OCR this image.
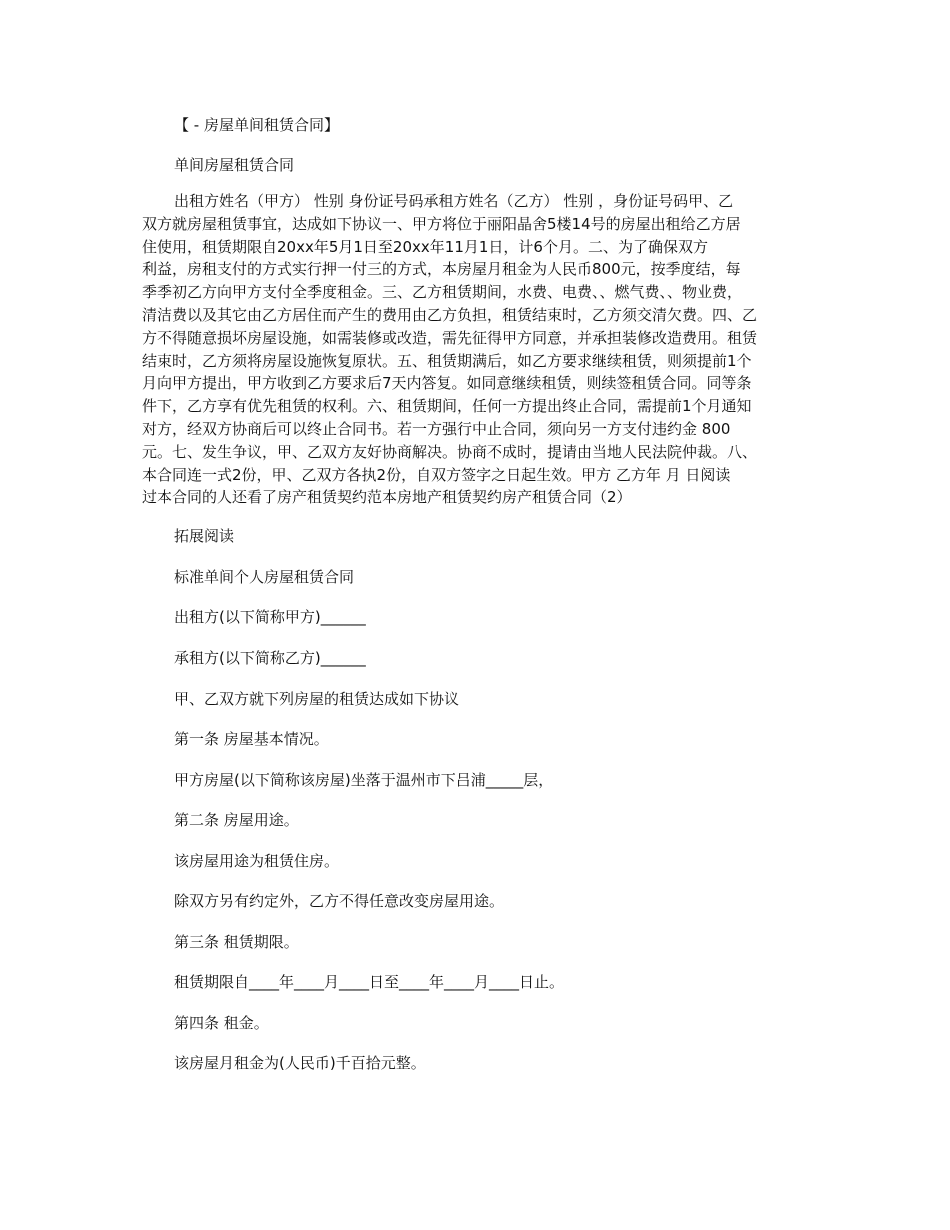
【 - 房屋单间租赁合同】
单间房屋租赁合同
出租方姓名（甲方） 性别 身份证号码承租方姓名（乙方） 性别 ，身份证号码甲、乙
双方就房屋租赁事宜，达成如下协议一、甲方将位于丽阳晶舍5楼14号的房屋出租给乙方居
住使用，租赁期限自20xx年5月1日至20xx年11月1日，计6个月。二、为了确保双方
利益，房租支付的方式实行押一付三的方式，本房屋月租金为人民币800元，按季度结，每
季季初乙方向甲方支付全季度租金。三、乙方租赁期间，水费、电费、、燃气费、、物业费，
清洁费以及其它由乙方居住而产生的费用由乙方负担，租赁结束时，乙方须交清欠费。四、乙
方不得随意损坏房屋设施，如需装修或改造，需先征得甲方同意，并承担装修改造费用。租赁
结束时，乙方须将房屋设施恢复原状。五、租赁期满后，如乙方要求继续租赁，则须提前1个
月向甲方提出，甲方收到乙方要求后7天内答复。如同意继续租赁，则续签租赁合同。同等条
件下，乙方享有优先租赁的权利。六、租赁期间，任何一方提出终止合同，需提前1个月通知
对方，经双方协商后可以终止合同书。若一方强行中止合同，须向另一方支付违约金 800
元。七、发生争议，甲、乙双方友好协商解决。协商不成时，提请由当地人民法院仲裁。八、
本合同连一式2份，甲、乙双方各执2份，自双方签字之日起生效。甲方 乙方年 月 日阅读
过本合同的人还看了房产租赁契约范本房地产租赁契约房产租赁合同（2）
拓展阅读
标准单间个人房屋租赁合同
出租方(以下简称甲方)______
承租方(以下简称乙方)______
甲、乙双方就下列房屋的租赁达成如下协议
第一条 房屋基本情况。
甲方房屋(以下简称该房屋)坐落于温州市下吕浦_____层，
第二条 房屋用途。
该房屋用途为租赁住房。
除双方另有约定外，乙方不得任意改变房屋用途。
第三条 租赁期限。
租赁期限自____年____月____日至____年____月____日止。
第四条 租金。
该房屋月租金为(人民币)千百拾元整。
